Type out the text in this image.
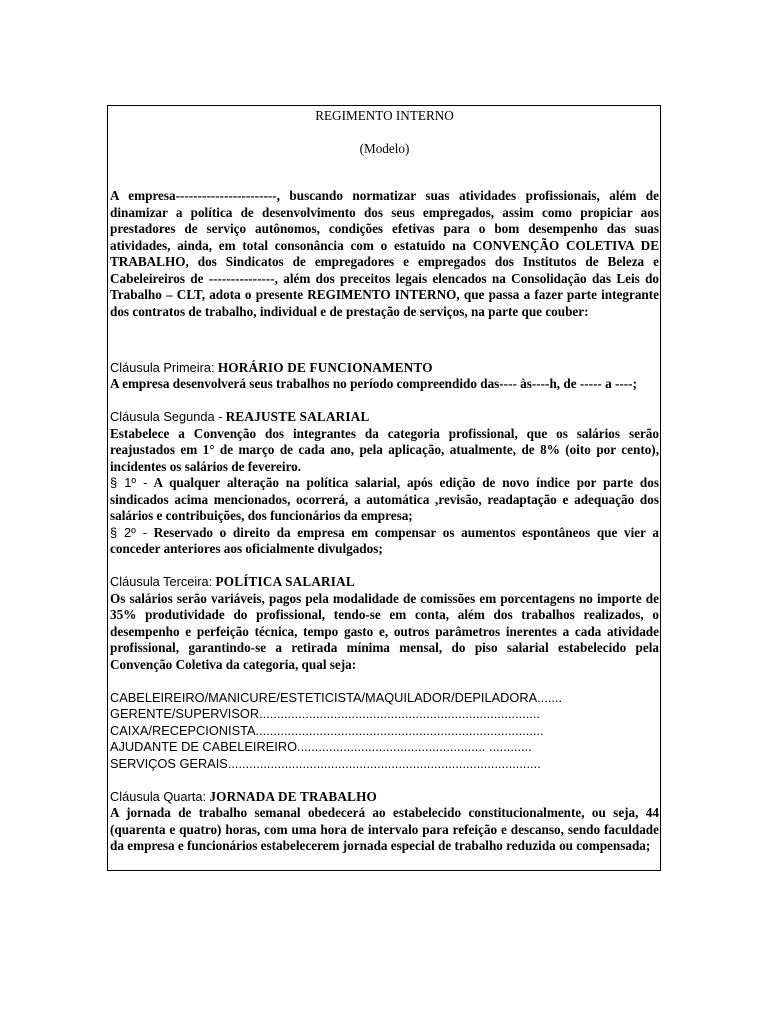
REGIMENTO INTERNO
(Modelo)

A empresa-----------------------, buscando normatizar suas atividades profissionais, além de dinamizar a política de desenvolvimento dos seus empregados, assim como propiciar aos prestadores de serviço autônomos, condições efetivas para o bom desempenho das suas atividades, ainda, em total consonância com o estatuido na CONVENÇÃO COLETIVA DE TRABALHO, dos Sindicatos de empregadores e empregados dos Institutos de Beleza e Cabeleireiros de ---------------, além dos preceitos legais elencados na Consolidação das Leis do Trabalho – CLT, adota o presente REGIMENTO INTERNO, que passa a fazer parte integrante dos contratos de trabalho, individual e de prestação de serviços, na parte que couber:

Cláusula Primeira: HORÁRIO DE FUNCIONAMENTO

A empresa desenvolverá seus trabalhos no período compreendido das---- às----h, de ----- a ----;

Cláusula Segunda - REAJUSTE SALARIAL

Estabelece a Convenção dos integrantes da categoria profissional, que os salários serão reajustados em 1° de março de cada ano, pela aplicação, atualmente, de 8% (oito por cento), incidentes os salários de fevereiro.

§ 1º - A qualquer alteração na política salarial, após edição de novo índice por parte dos sindicados acima mencionados, ocorrerá, a automática ,revisão, readaptação e adequação dos salários e contribuições, dos funcionários da empresa;

§ 2º - Reservado o direito da empresa em compensar os aumentos espontâneos que vier a conceder anteriores aos oficialmente divulgados;

Cláusula Terceira: POLÍTICA SALARIAL

Os salários serão variáveis, pagos pela modalidade de comissões em porcentagens no importe de 35% produtividade do profissional, tendo-se em conta, além dos trabalhos realizados, o desempenho e perfeição técnica, tempo gasto e, outros parâmetros inerentes a cada atividade profissional, garantindo-se a retirada mínima mensal, do piso salarial estabelecido pela Convenção Coletiva da categoria, qual seja:

CABELEIREIRO/MANICURE/ESTETICISTA/MAQUILADOR/DEPILADORA.......

GERENTE/SUPERVISOR...............................................................................

CAIXA/RECEPCIONISTA.................................................................................

AJUDANTE DE CABELEIREIRO..................................................... ............

SERVIÇOS GERAIS........................................................................................

Cláusula Quarta: JORNADA DE TRABALHO

A jornada de trabalho semanal obedecerá ao estabelecido constitucionalmente, ou seja, 44 (quarenta e quatro) horas, com uma hora de intervalo para refeição e descanso, sendo faculdade da empresa e funcionários estabelecerem jornada especial de trabalho reduzida ou compensada;
